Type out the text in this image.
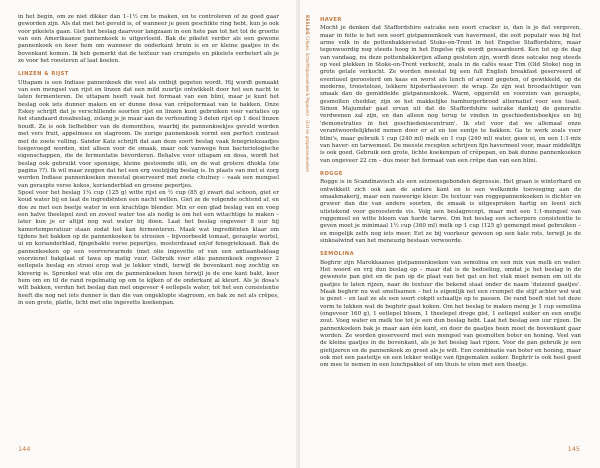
in het begin, om ze niet dikker dan 1–1½ cm te maken, en te controleren of ze goed gaar geworden zijn. Als dat met het gevuld is, of wanneer je geen geschikte ring hebt, kun je ook voor pikelets gaan. Giet het beslag daarvoor langzaam in een hete pan tot het tot de grootte van een Amerikaanse pannenkoek is uitgevloeid. Bak de pikelet verder als een gewone pannenkoek en keer hem om wanneer de onderkant bruin is en er kleine gaatjes in de bovenkant komen. Ik heb gemerkt dat de textuur van crumpets en pikelets verbetert als je ze voor het roosteren af laat koelen.

LINZEN & RIJST

Uttapam is een Indiase pannenkoek die veel als ontbijt gegeten wordt. Hij wordt gemaakt van een mengsel van rijst en linzen dat een mild zuurtje ontwikkelt door het een nacht te laten fermenteren. De uttapam heeft vaak het formaat van een blini, maar je kunt het beslag ook iets dunner maken en er dunne dosa van crêpeformaat van te bakken. Onze Eskey schrijft dat je verschillende soorten rijst en linzen kunt gebruiken voor variaties op het standaard dosabeslag, zolang je je maar aan de verhouding 3 delen rijst op 1 deel linzen houdt. Ze is ook liefhebber van de demonthou, waarbij de pannenkoekjes gevuld worden met vers fruit, appelmoes en slagroom. De zurige pannenkoek vormt een perfect contrast met de zoete vulling. Sandor Katz schrijft dat aan deze soort beslag vaak fenegriekzaadjes toegevoegd worden, niet alleen voor de smaak, maar ook vanwege hun bacteriologische eigenschappen, die de fermentatie bevorderen. Behalve voor uttapam en dosa, wordt het beslag ook gebruikt voor sponsige, kleine gestoomde idli, en de wat grotere dhokla (zie pagina ??). Ik wil maar zeggen dat het een erg veelzijdig beslag is. In plaats van met ei zorg worden Indiase pannenkoeken meestal geserveerd met zoete chutney – vaak een mengsel van geraspte verse kokos, korianderblad en groene pepertjes.

Spoel voor het beslag 1¼ cup (125 g) witte rijst en ½ cup (85 g) zwart dal schoon, giet er koud water bij en laat de ingrediënten een nacht wellen. Giet ze de volgende ochtend af, en doe ze met een beetje water in een krachtige blender. Mix er een glad beslag van en voeg een halve theelepel zout en zoveel water toe als nodig is om het een witachtige te maken – later kun je er altijd nog wat water bij doen. Laat het beslag ongeveer 8 uur bij kamertemperatuur staan zodat het kan fermenteren. Maak wat ingrediënten klaar om tijdens het bakken op de pannenkoeken te strooien – bijvoorbeeld tomaat, geraspte wortel, ui en korianderblad, fijngehakte verse pepertjes, mosterdzaad en/of fenegriekzaad. Bak de pannenkoeken op een voorverwarmde (met olie ingevette of van een antiaanbaklaag voorziene) bakplaat of tawa op matig vuur. Gebruik voor elke pannenkoek ongeveer 2 eetlepels beslag en strooi erop wat je lekker vindt, terwijl de bovenkant nog zochtig en kleverig is. Sprenkel wat olie om de pannenkoeken heen terwijl je de ene kant bakt, keer hem om en til de rand regelmatig op om te kijken of de onderkant al kleurt. Als je dosa's wilt bakken, verdun het beslag dan met ongeveer 4 eetlepels water, tot het een consistentie heeft die nog net iets dunner is dan die van ongeklopte slagroom, en bak ze net als crêpes, in een grote, platte, licht met olie ingevette koekenpan.

144
HAVER

Mocht je denken dat Staffordshire oatcake een soort cracker is, dan is je dat vergeven, maar in feite is het een soort gistpannenkoek van havermeel, die ooit populair was bij het arme volk in de pottenbakkersstad Stoke-on-Trent in het Engelse Staffordshire, maar tegenwoordig nog steeds hoog in het Engelse rijk wordt gewaardeerd. Ken tot op de dag van vandaag, nu deze pottenbakkerijen allang gesloten zijn, wordt deze oatcake nog steeds op veel plekken in Stoke-on-Trent verkocht, zoals in de cafés waar Tim (Old Stoke) nog in grote getale verkocht. Ze worden meestal bij een full English breakfast geserveerd of eventueel geroosterd om kaas en worst als lunch of avond gegeten, of gewikkeld, op de moderne, troosteloze, lekkere hipsterbasisvoer: de wrap. Ze zijn wat broodachtiger van smaak dan de gemiddelde gistpannenkoek. Warm, opgerold en voorzien van geraspte, gesmolten cheddar, zijn ze het makkelijke hamburgerbrood alternatief voor een toast. Simon Majumdar gaat ervan uit dat de Staffordshire oatcake dankzij de generatie verdwenen zal zijn, en dan alleen nog terug te vinden in geschiedenisboekjes en bij 'demonstraties in het geschiedeniscentrum'. Ik stel voor dat we allemaal onze verantwoordelijkheid nemen door er af en toe eentje te bakken. Ga te werk zoals voor blini's, maar gebruik 1 cup (240 ml) melk en 1 cup (240 ml) water, geen ei, en een 1:1-mix van haver- en tarwemeel. De meeste recepten schrijven fijn havermeel voor, maar middelfijn is ook goed. Gebruik een grote, lichte koekenpan of crêpepan, en bak dunne pannenkoeken van ongeveer 22 cm – dus meer het formaat van een crêpe dan van een blini.

ROGGE

Rogge is in Scandinavisch als een seizoensgebonden depressie. Het graan is winterhard en ontwikkelt zich ook aan de andere kant en is een welkomde toevoeging aan de smaakmakerij, maar een rauwerige kleur. De textuur van roggepannenkoeken is dichter en gruwer dan die van andere soorten, de smaak is uitgesproken hartig en leent zich uitstekend voor geroosterde vis. Volg een beslagrecept, maar met een 1:1-mengsel van roggemeel en witte bloem van harde tarwe. Om het beslag een scherpere consistentie te geven moet je minimaal 1½ cup (360 ml) melk op 1 cup (125 g) gemengd meel gebruiken – en mogelijk zelfs nog iets meer. Eet ze bij voorkeur gewoon op een kale rots, terwijl je de sinkoalwind van het meneuzig bestaan verwoorde.

SEMOLINA

Beghrir zijn Marokkaanse gistpannenkoeken van semolina en een mix van melk en water. Het woord en vrij dun beslag op – maar dat is de bedoeling, omdat je het beslag in de gewenste pan giet en de pan op de plaat van het gat en het vlak moet nemen om uit de gaatjes te laten rijzen, naar de textuur die bekend staat onder de naam 'duizend gaatjes'. Maak beghrir nu wat smeltsamen – het is eigenlijk net een crumpet die stijf achter wel wat is gezet – en laat ze als een soort cokpit schaaltje op te passen. De rand hoeft niet tot deze vorm te lukken wat de beghrir gaat koken. Om het beslag te maken meng je 1 cup semolina (ongeveer 160 g), 1 eetlepel bloem, 1 theelepel droge gist, 1 eetlepel suiker en een snufje zout. Voeg water en melk toe tot je een dun beslag hebt. Laat het beslag een uur rijzen. De pannenkoeken bak je maar aan één kant, en door de gaatjes heen moet de bovenkant gaar worden. Ze worden geserveerd met een mengsel van gesmolten boter en honing. Veel van de kleine gaatjes in de bovenkant, als je het beslag laat rijzen. Voor de pan gebruik je een gietijzeren en de pannenkoek zo groot als je wilt. Een combinatie van boter en honing, maar ook met een pasteitje en een lekker wolkje van fijngemalen suiker. Beghrir is ook heel goed om mee te nemen in een lunchpakket of om thuis te eten met een theetje.

145
BESLAG Crêpes, Scheiffelpannekoek & Popovers – Gist en gistpannenkoeken
